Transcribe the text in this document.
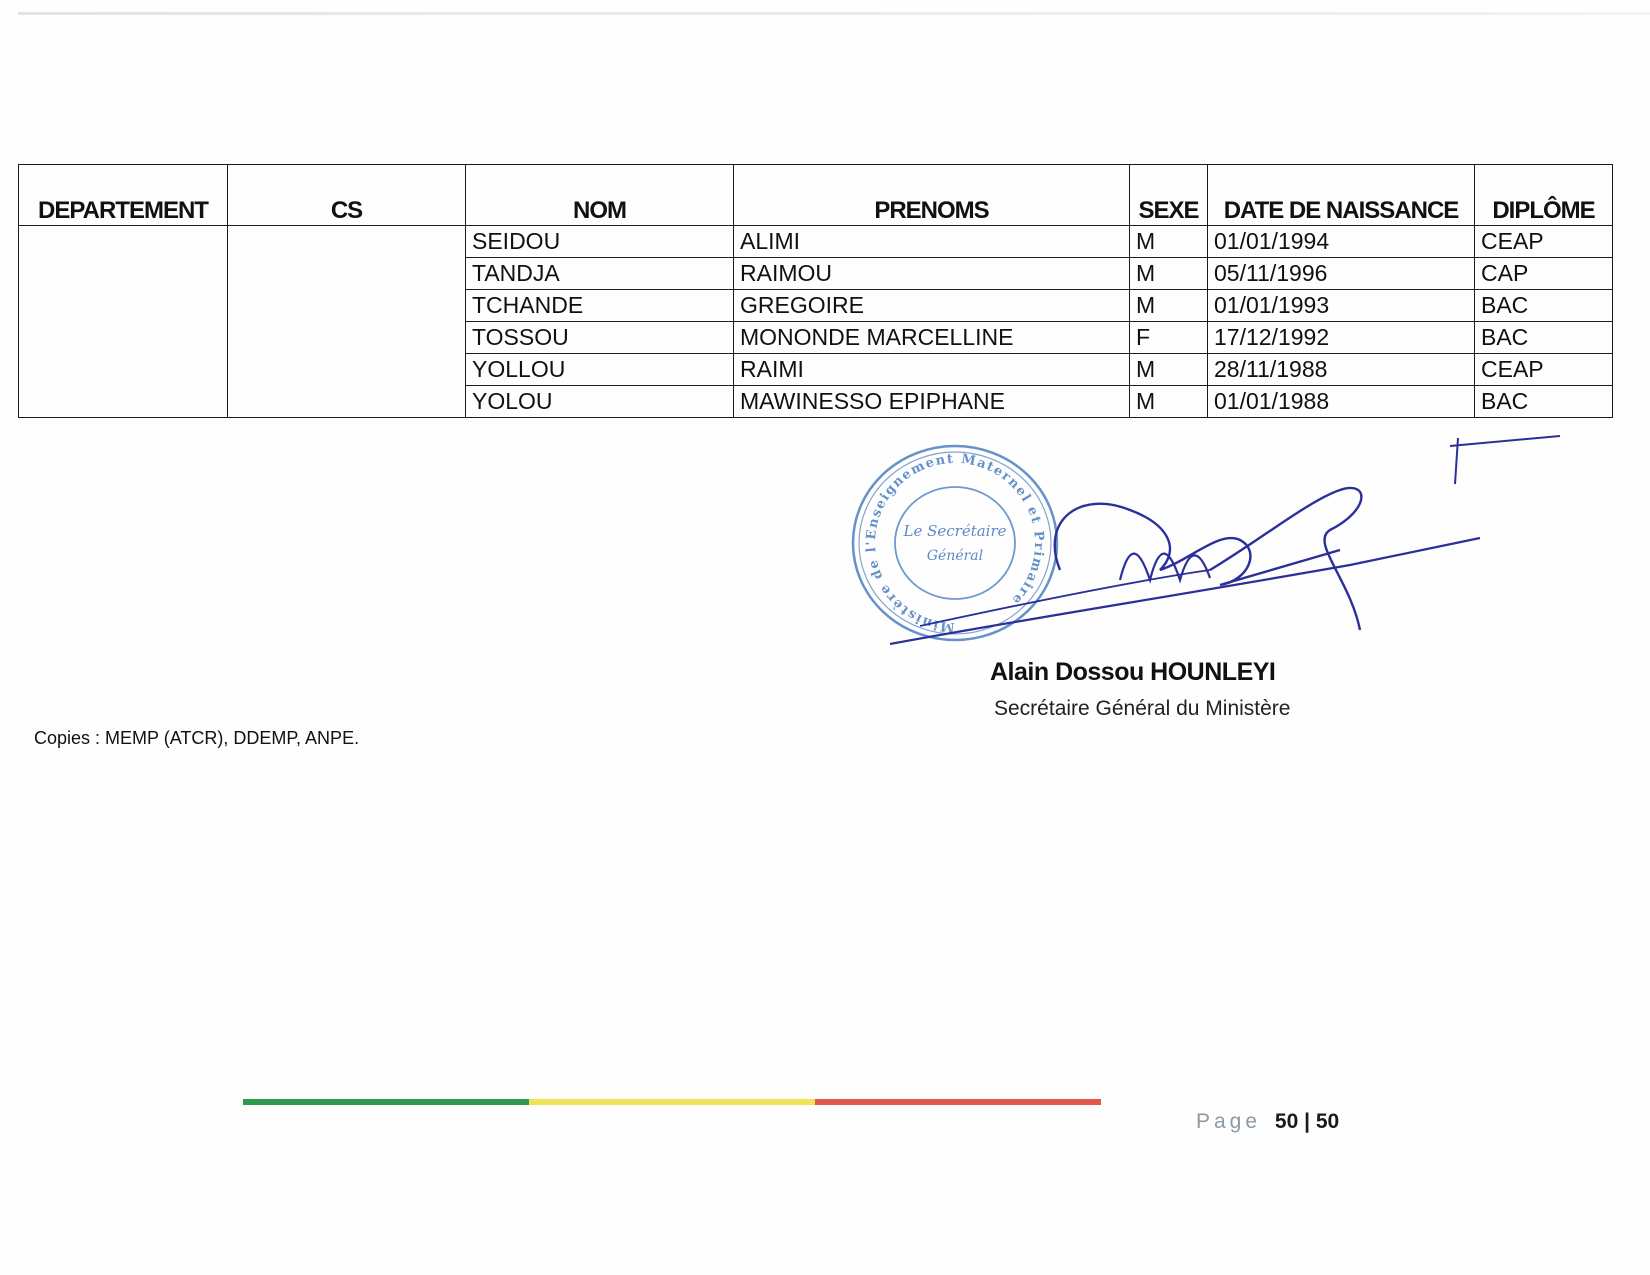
DEPARTEMENT	CS	NOM	PRENOMS	SEXE	DATE DE NAISSANCE	DIPLÔME
		SEIDOU	ALIMI	M	01/01/1994	CEAP
		TANDJA	RAIMOU	M	05/11/1996	CAP
		TCHANDE	GREGOIRE	M	01/01/1993	BAC
		TOSSOU	MONONDE MARCELLINE	F	17/12/1992	BAC
		YOLLOU	RAIMI	M	28/11/1988	CEAP
		YOLOU	MAWINESSO EPIPHANE	M	01/01/1988	BAC
Ministère de l'Enseignement Maternel et Primaire
Le Secrétaire
Général
Alain Dossou HOUNLEYI
Secrétaire Général du Ministère
Copies : MEMP (ATCR), DDEMP, ANPE.
Page 50 | 50
